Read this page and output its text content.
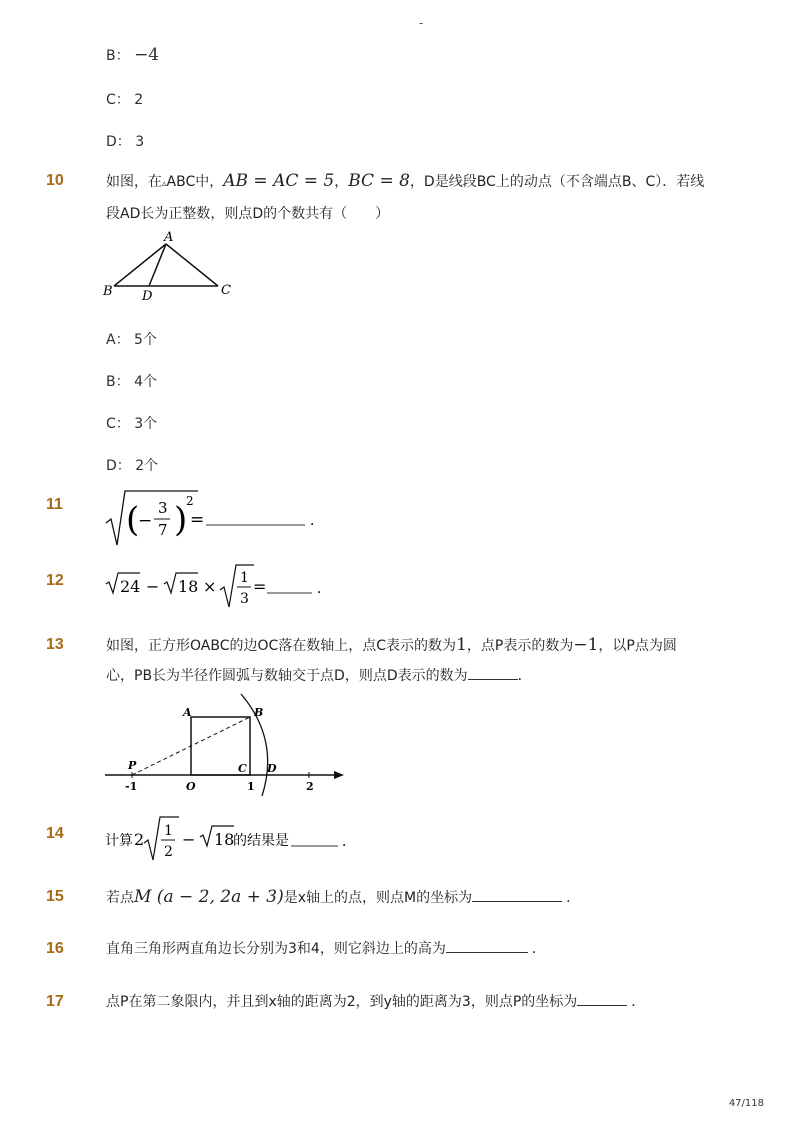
-
B： −4
C： 2
D： 3
10	如图，在▵ABC中，AB = AC = 5，BC = 8，D是线段BC上的动点（不含端点B、C）．若线
段AD长为正整数，则点D的个数共有（　　）
A
B D	C
A： 5个
B： 4个
C： 3个
D： 2个
11 (
−
3
7 )
2
=	．
12	24 − 18 × 1
3
=	．
13	如图，正方形OABC的边OC落在数轴上，点C表示的数为1，点P表示的数为−1，以P点为圆
心，PB长为半径作圆弧与数轴交于点D，则点D表示的数为	．
A	B
C D
P
O
-1	1	2
14	计算 2 1
2
− 18
的结果是	．
15	若点M (a − 2, 2a + 3)是x轴上的点，则点M的坐标为	．
16	直角三角形两直角边长分别为3和4，则它斜边上的高为	．
17	点P在第二象限内，并且到x轴的距离为2，到y轴的距离为3，则点P的坐标为	．
47/118
